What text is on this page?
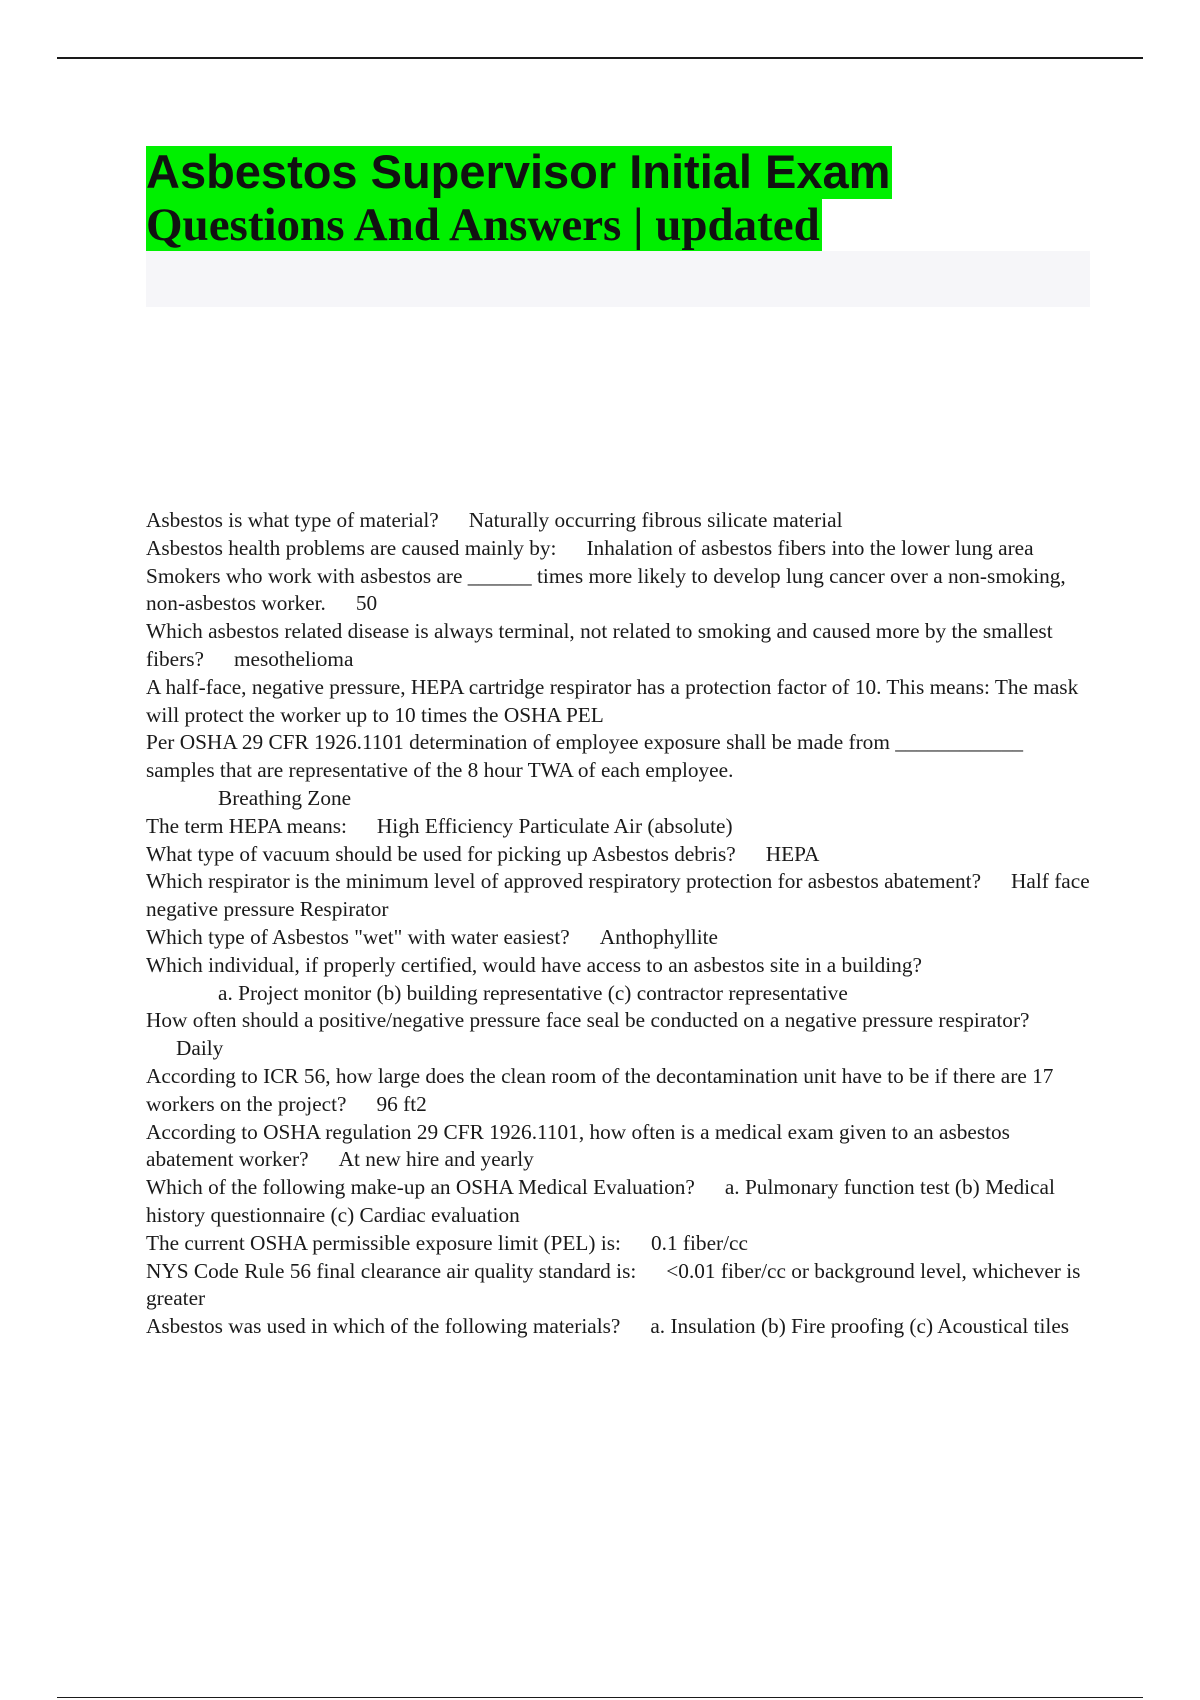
Asbestos Supervisor Initial Exam
Questions And Answers | updated
Asbestos is what type of material? Naturally occurring fibrous silicate material
Asbestos health problems are caused mainly by: Inhalation of asbestos fibers into the lower lung area
Smokers who work with asbestos are ______ times more likely to develop lung cancer over a non-smoking, non-asbestos worker. 50
Which asbestos related disease is always terminal, not related to smoking and caused more by the smallest fibers? mesothelioma
A half-face, negative pressure, HEPA cartridge respirator has a protection factor of 10. This means: The mask will protect the worker up to 10 times the OSHA PEL
Per OSHA 29 CFR 1926.1101 determination of employee exposure shall be made from ____________ samples that are representative of the 8 hour TWA of each employee.
Breathing Zone
The term HEPA means: High Efficiency Particulate Air (absolute)
What type of vacuum should be used for picking up Asbestos debris? HEPA
Which respirator is the minimum level of approved respiratory protection for asbestos abatement? Half face negative pressure Respirator
Which type of Asbestos "wet" with water easiest? Anthophyllite
Which individual, if properly certified, would have access to an asbestos site in a building?
a. Project monitor (b) building representative (c) contractor representative
How often should a positive/negative pressure face seal be conducted on a negative pressure respirator?Daily
According to ICR 56, how large does the clean room of the decontamination unit have to be if there are 17 workers on the project? 96 ft2
According to OSHA regulation 29 CFR 1926.1101, how often is a medical exam given to an asbestos abatement worker? At new hire and yearly
Which of the following make-up an OSHA Medical Evaluation? a. Pulmonary function test (b) Medical history questionnaire (c) Cardiac evaluation
The current OSHA permissible exposure limit (PEL) is: 0.1 fiber/cc
NYS Code Rule 56 final clearance air quality standard is: <0.01 fiber/cc or background level, whichever is greater
Asbestos was used in which of the following materials? a. Insulation (b) Fire proofing (c) Acoustical tiles
